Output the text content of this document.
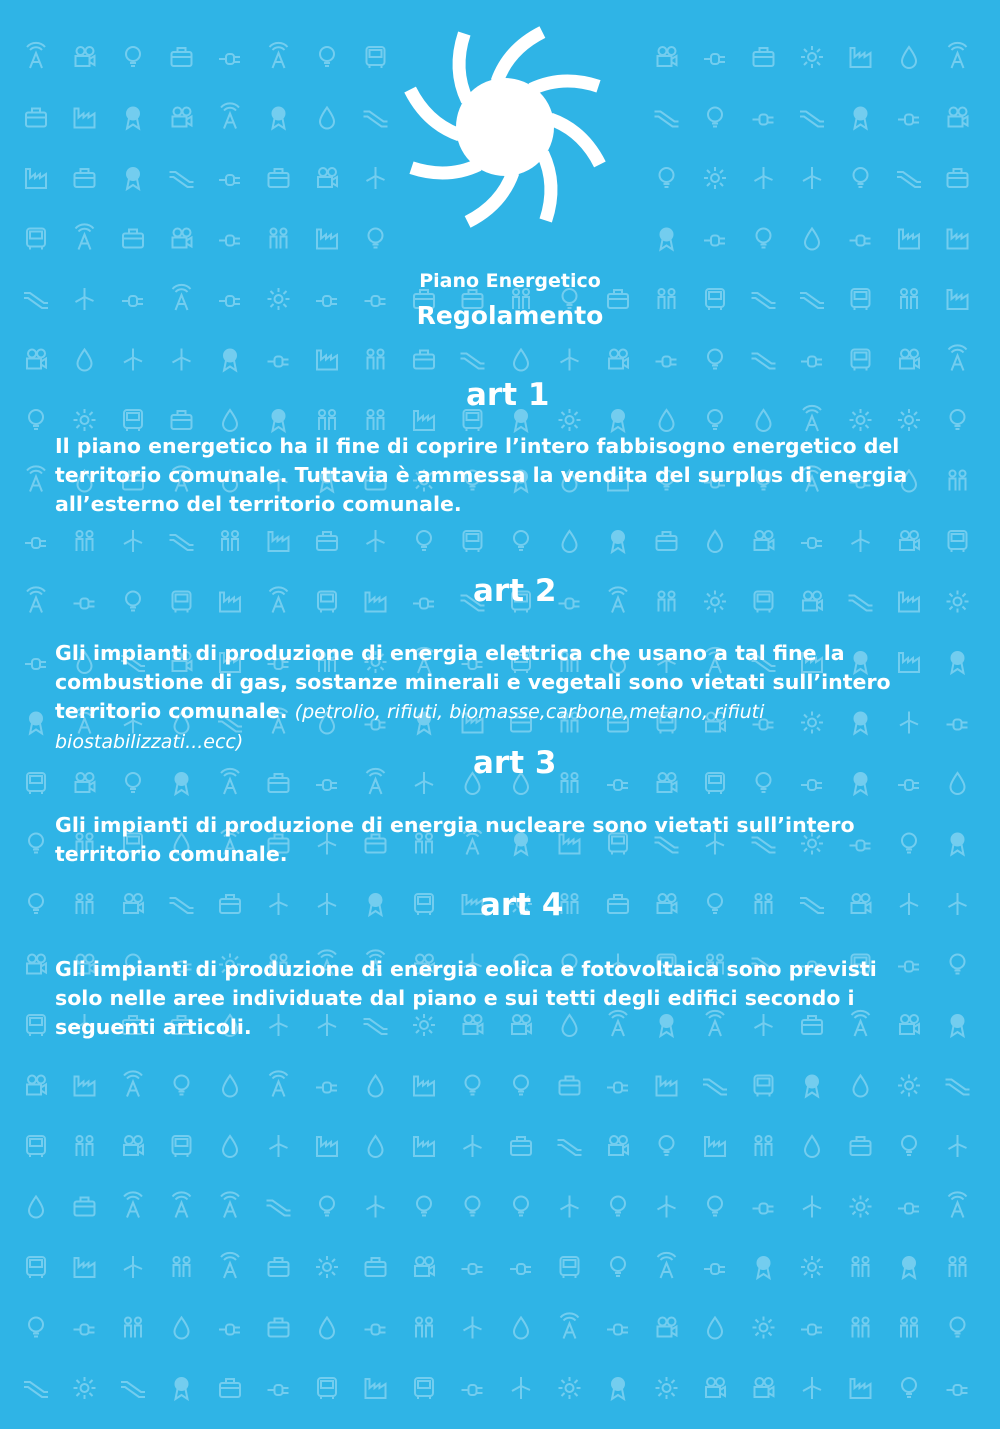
Piano Energetico
Regolamento
art 1
Il piano energetico ha il fine di coprire l’intero fabbisogno energetico del territorio comunale. Tuttavia è ammessa la vendita del surplus di energia all’esterno del territorio comunale.
art 2
Gli impianti di produzione di energia elettrica che usano a tal fine la combustione di gas, sostanze minerali e vegetali sono vietati sull’intero territorio comunale. (petrolio, rifiuti, biomasse,carbone,metano, rifiuti biostabilizzati...ecc)
art 3
Gli impianti di produzione di energia nucleare sono vietati sull’intero territorio comunale.
art 4
Gli impianti di produzione di energia eolica e fotovoltaica sono previsti solo nelle aree individuate dal piano e sui tetti degli edifici secondo i seguenti articoli.
